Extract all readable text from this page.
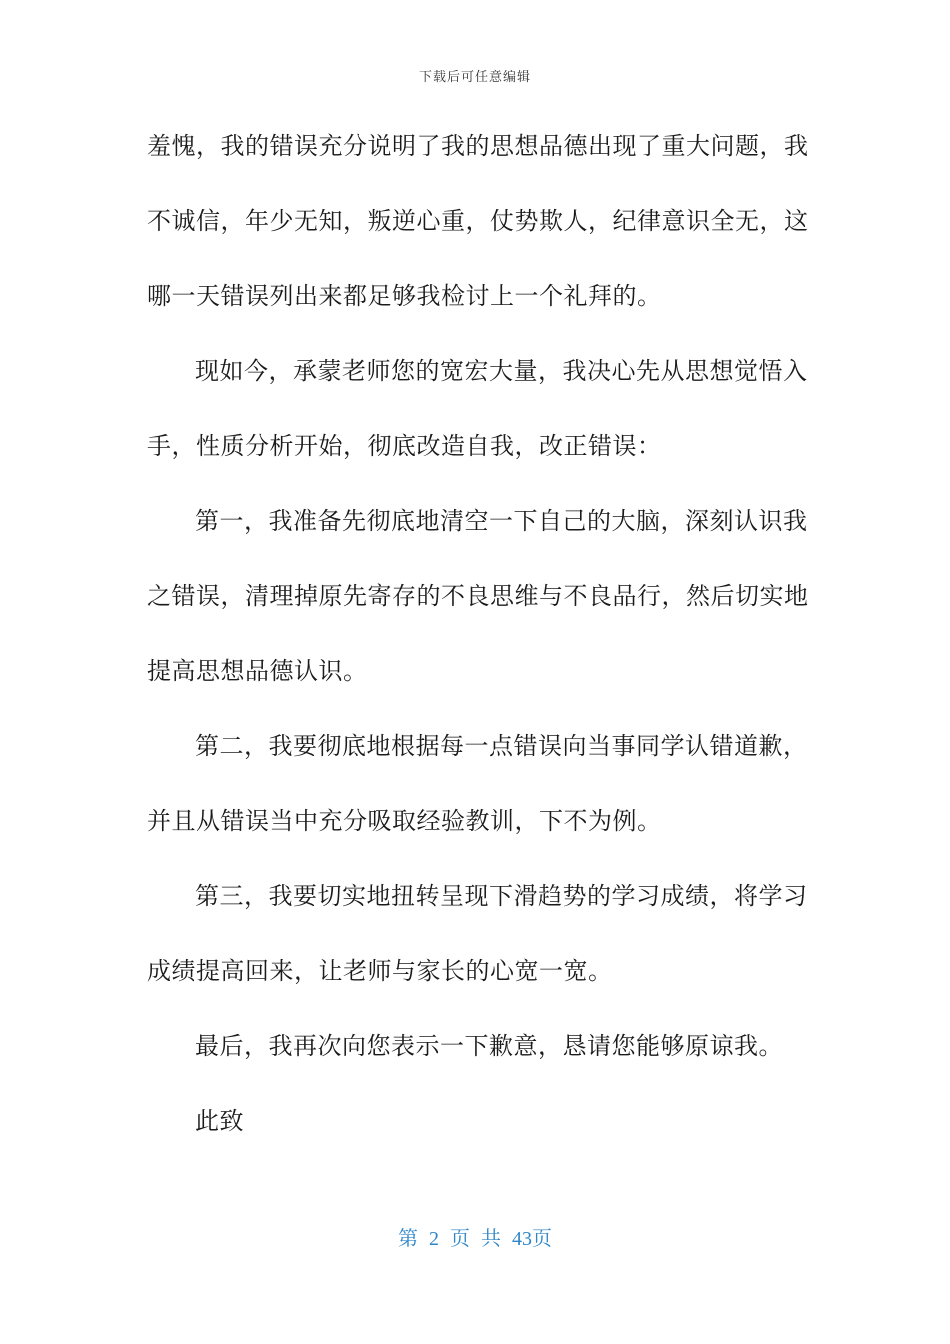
下载后可任意编辑
羞愧，我的错误充分说明了我的思想品德出现了重大问题，我
不诚信，年少无知，叛逆心重，仗势欺人，纪律意识全无，这
哪一天错误列出来都足够我检讨上一个礼拜的。
现如今，承蒙老师您的宽宏大量，我决心先从思想觉悟入
手，性质分析开始，彻底改造自我，改正错误：
第一，我准备先彻底地清空一下自己的大脑，深刻认识我
之错误，清理掉原先寄存的不良思维与不良品行，然后切实地
提高思想品德认识。
第二，我要彻底地根据每一点错误向当事同学认错道歉，
并且从错误当中充分吸取经验教训，下不为例。
第三，我要切实地扭转呈现下滑趋势的学习成绩，将学习
成绩提高回来，让老师与家长的心宽一宽。
最后，我再次向您表示一下歉意，恳请您能够原谅我。
此致
第 2 页 共 43页
